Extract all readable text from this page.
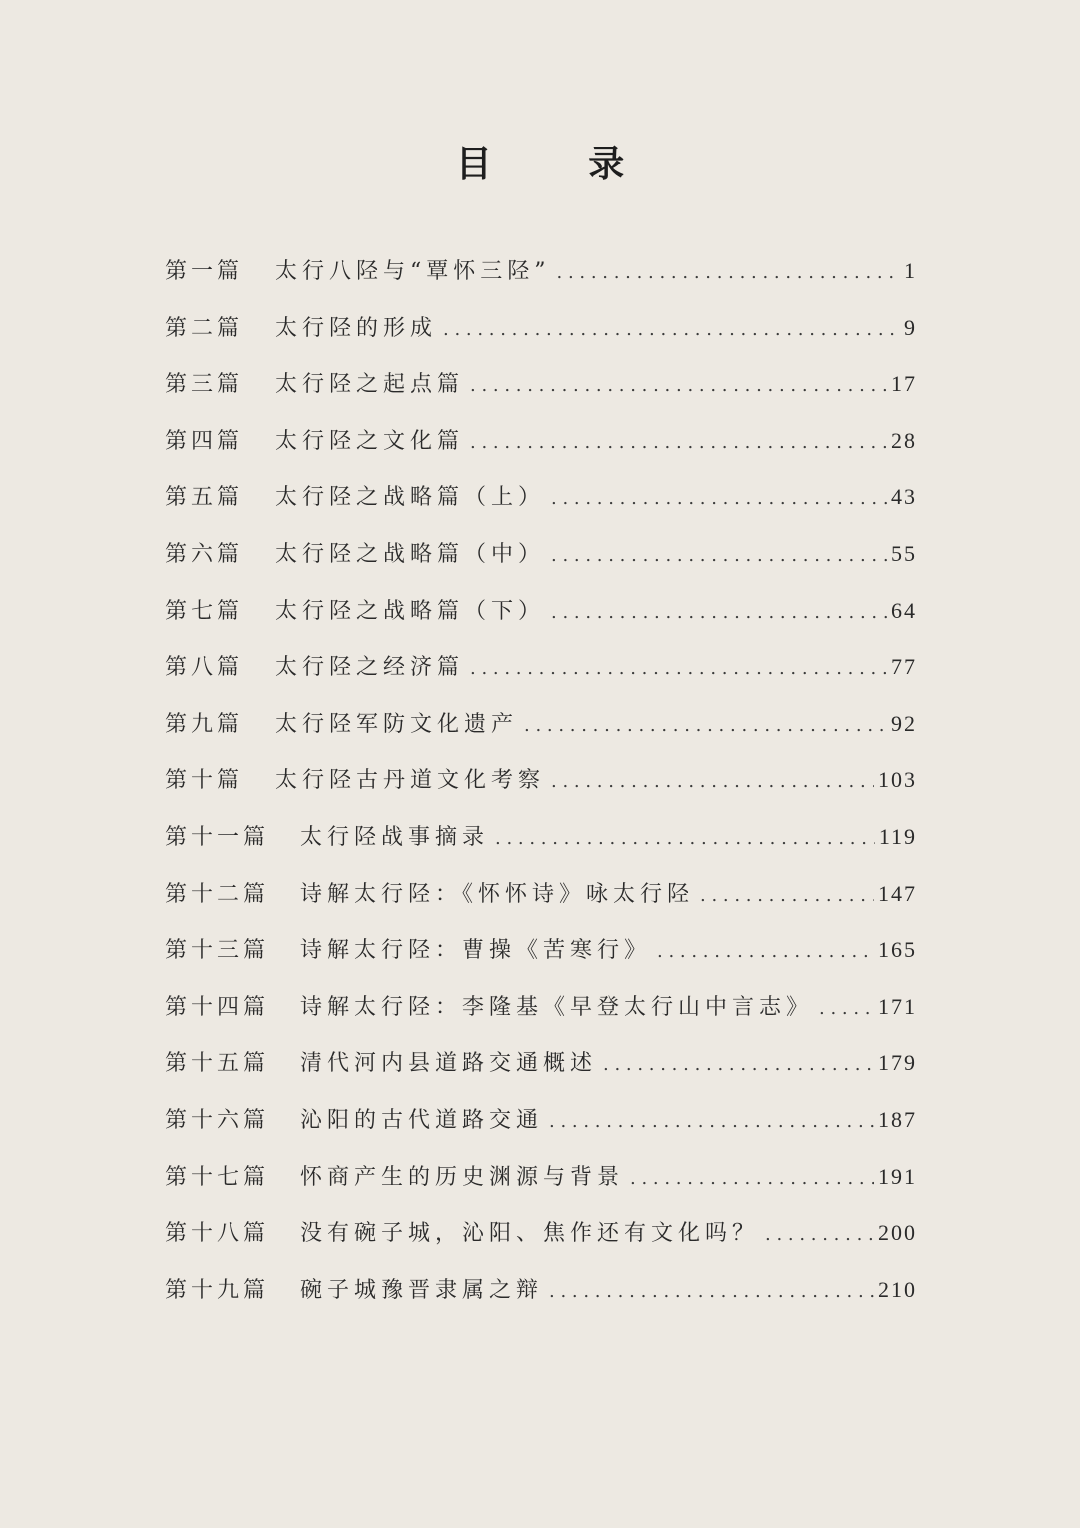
目 录
第一篇	太行八陉与“覃怀三陉” . . .	1
第二篇	太行陉的形成 . . .	9
第三篇	太行陉之起点篇 . . .	17
第四篇	太行陉之文化篇 . . .	28
第五篇	太行陉之战略篇（上） . . .	43
第六篇	太行陉之战略篇（中） . . .	55
第七篇	太行陉之战略篇（下） . . .	64
第八篇	太行陉之经济篇 . . .	77
第九篇	太行陉军防文化遗产 . . .	92
第十篇	太行陉古丹道文化考察 . . .	103
第十一篇	太行陉战事摘录 . . .	119
第十二篇	诗解太行陉：《怀怀诗》咏太行陉 . . .	147
第十三篇	诗解太行陉：曹操《苦寒行》 . . .	165
第十四篇	诗解太行陉：李隆基《早登太行山中言志》 . . .	171
第十五篇	清代河内县道路交通概述 . . .	179
第十六篇	沁阳的古代道路交通 . . .	187
第十七篇	怀商产生的历史渊源与背景 . . .	191
第十八篇	没有碗子城，沁阳、焦作还有文化吗？ . . .	200
第十九篇	碗子城豫晋隶属之辩 . . .	210
